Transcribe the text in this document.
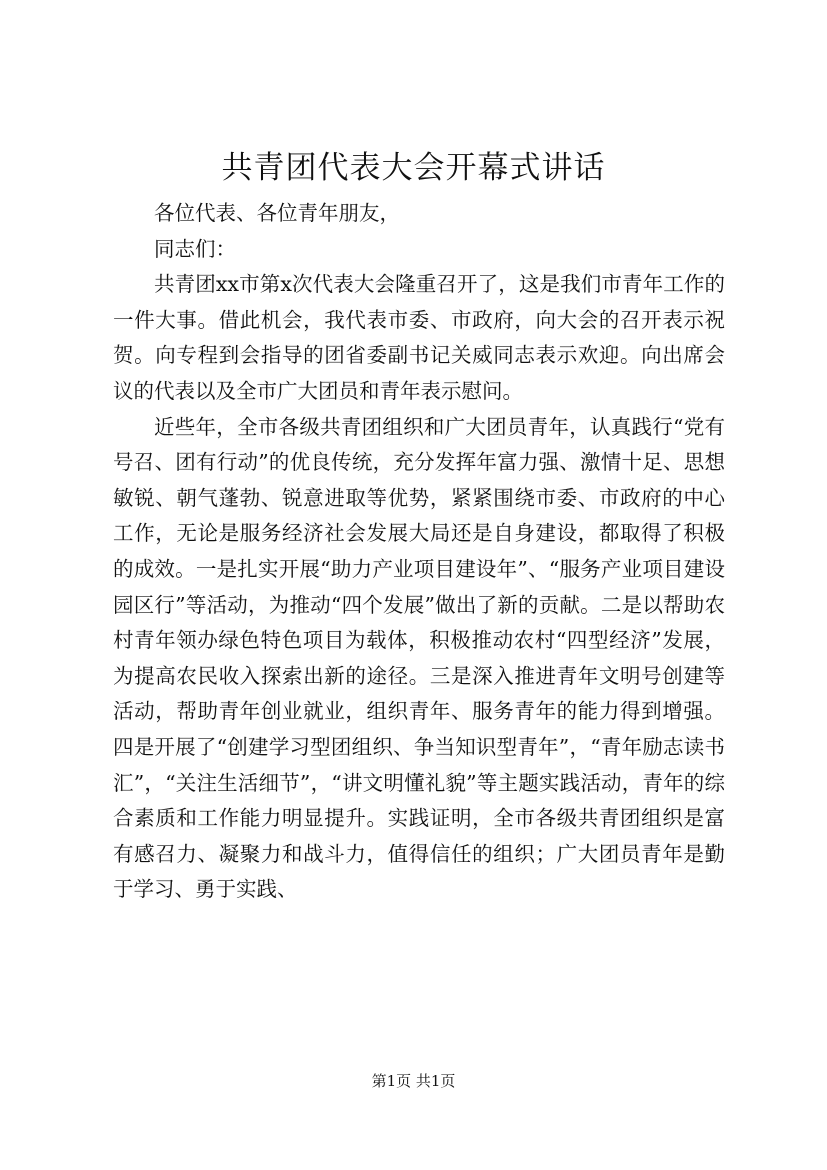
共青团代表大会开幕式讲话

各位代表、各位青年朋友，

同志们：

共青团xx市第x次代表大会隆重召开了，这是我们市青年工作的一件大事。借此机会，我代表市委、市政府，向大会的召开表示祝贺。向专程到会指导的团省委副书记关威同志表示欢迎。向出席会议的代表以及全市广大团员和青年表示慰问。

近些年，全市各级共青团组织和广大团员青年，认真践行“党有号召、团有行动”的优良传统，充分发挥年富力强、激情十足、思想敏锐、朝气蓬勃、锐意进取等优势，紧紧围绕市委、市政府的中心工作，无论是服务经济社会发展大局还是自身建设，都取得了积极的成效。一是扎实开展“助力产业项目建设年”、“服务产业项目建设园区行”等活动，为推动“四个发展”做出了新的贡献。二是以帮助农村青年领办绿色特色项目为载体，积极推动农村“四型经济”发展，为提高农民收入探索出新的途径。三是深入推进青年文明号创建等活动，帮助青年创业就业，组织青年、服务青年的能力得到增强。四是开展了“创建学习型团组织、争当知识型青年”，“青年励志读书汇”，“关注生活细节”，“讲文明懂礼貌”等主题实践活动，青年的综合素质和工作能力明显提升。实践证明，全市各级共青团组织是富有感召力、凝聚力和战斗力，值得信任的组织；广大团员青年是勤于学习、勇于实践、

第1页 共1页
